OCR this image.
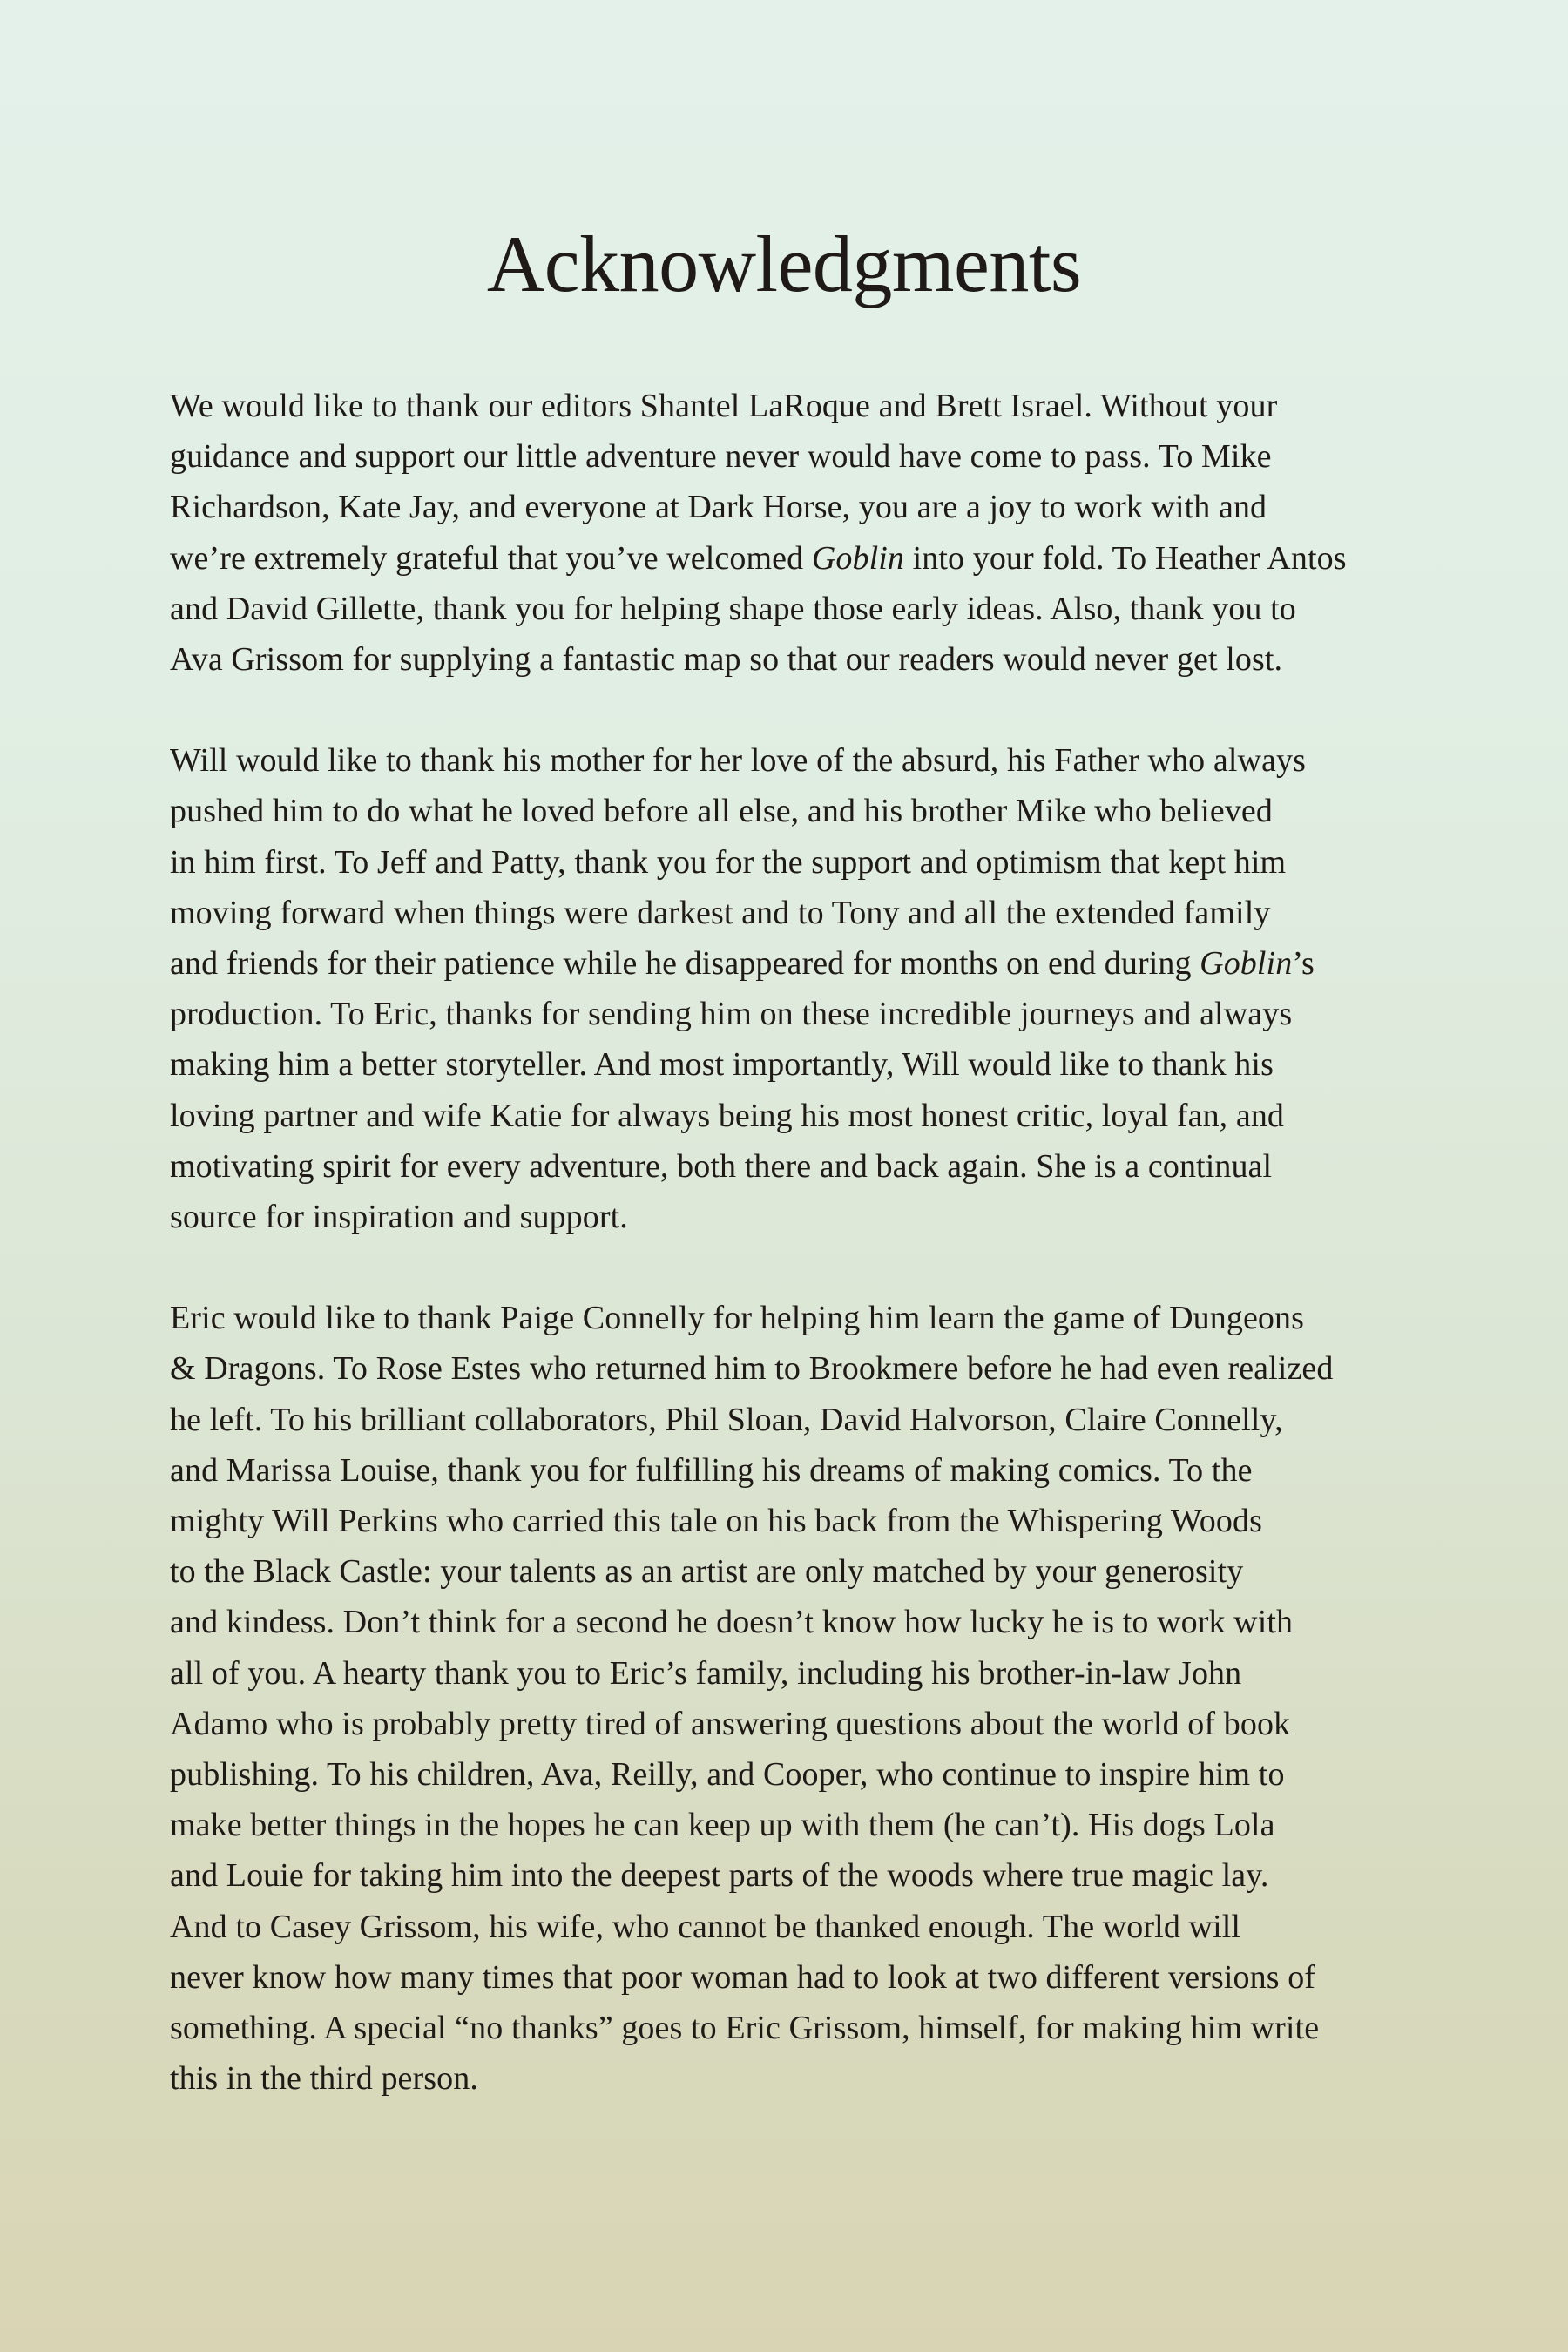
Acknowledgments

We would like to thank our editors Shantel LaRoque and Brett Israel. Without your
guidance and support our little adventure never would have come to pass. To Mike
Richardson, Kate Jay, and everyone at Dark Horse, you are a joy to work with and
we’re extremely grateful that you’ve welcomed Goblin into your fold. To Heather Antos
and David Gillette, thank you for helping shape those early ideas. Also, thank you to
Ava Grissom for supplying a fantastic map so that our readers would never get lost.

Will would like to thank his mother for her love of the absurd, his Father who always
pushed him to do what he loved before all else, and his brother Mike who believed
in him first. To Jeff and Patty, thank you for the support and optimism that kept him
moving forward when things were darkest and to Tony and all the extended family
and friends for their patience while he disappeared for months on end during Goblin’s
production. To Eric, thanks for sending him on these incredible journeys and always
making him a better storyteller. And most importantly, Will would like to thank his
loving partner and wife Katie for always being his most honest critic, loyal fan, and
motivating spirit for every adventure, both there and back again. She is a continual
source for inspiration and support.

Eric would like to thank Paige Connelly for helping him learn the game of Dungeons
& Dragons. To Rose Estes who returned him to Brookmere before he had even realized
he left. To his brilliant collaborators, Phil Sloan, David Halvorson, Claire Connelly,
and Marissa Louise, thank you for fulfilling his dreams of making comics. To the
mighty Will Perkins who carried this tale on his back from the Whispering Woods
to the Black Castle: your talents as an artist are only matched by your generosity
and kindess. Don’t think for a second he doesn’t know how lucky he is to work with
all of you. A hearty thank you to Eric’s family, including his brother-in-law John
Adamo who is probably pretty tired of answering questions about the world of book
publishing. To his children, Ava, Reilly, and Cooper, who continue to inspire him to
make better things in the hopes he can keep up with them (he can’t). His dogs Lola
and Louie for taking him into the deepest parts of the woods where true magic lay.
And to Casey Grissom, his wife, who cannot be thanked enough. The world will
never know how many times that poor woman had to look at two different versions of
something. A special “no thanks” goes to Eric Grissom, himself, for making him write
this in the third person.
